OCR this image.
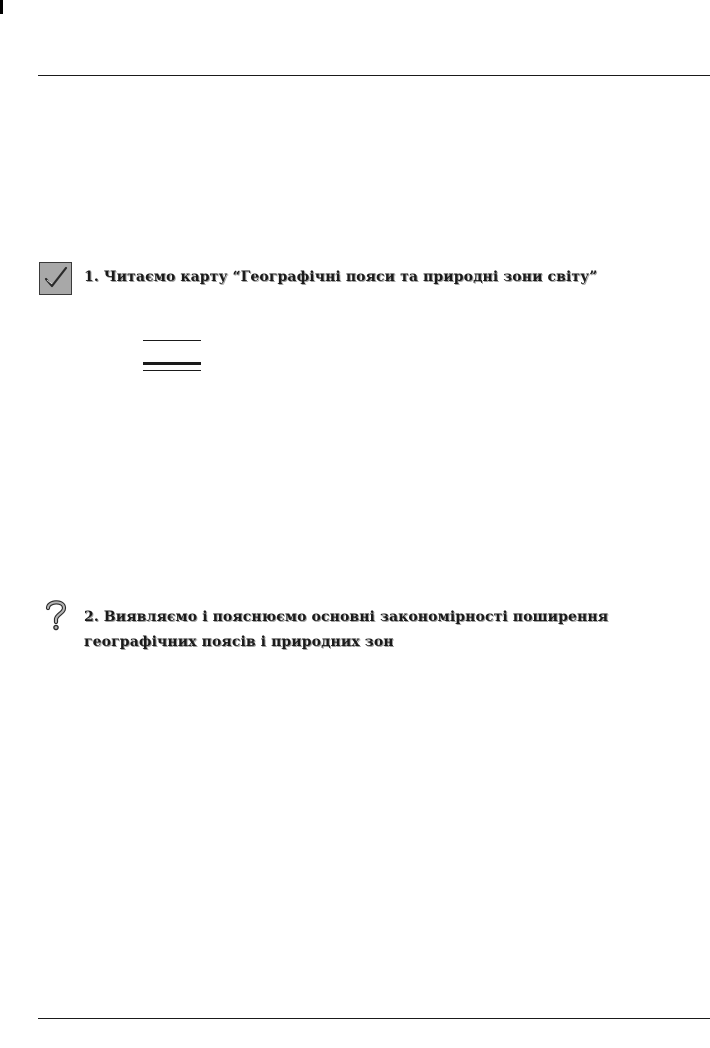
1. Читаємо карту “Географічні пояси та природні зони світу”
2. Виявляємо і пояснюємо основні закономірності поширення
географічних поясів і природних зон
